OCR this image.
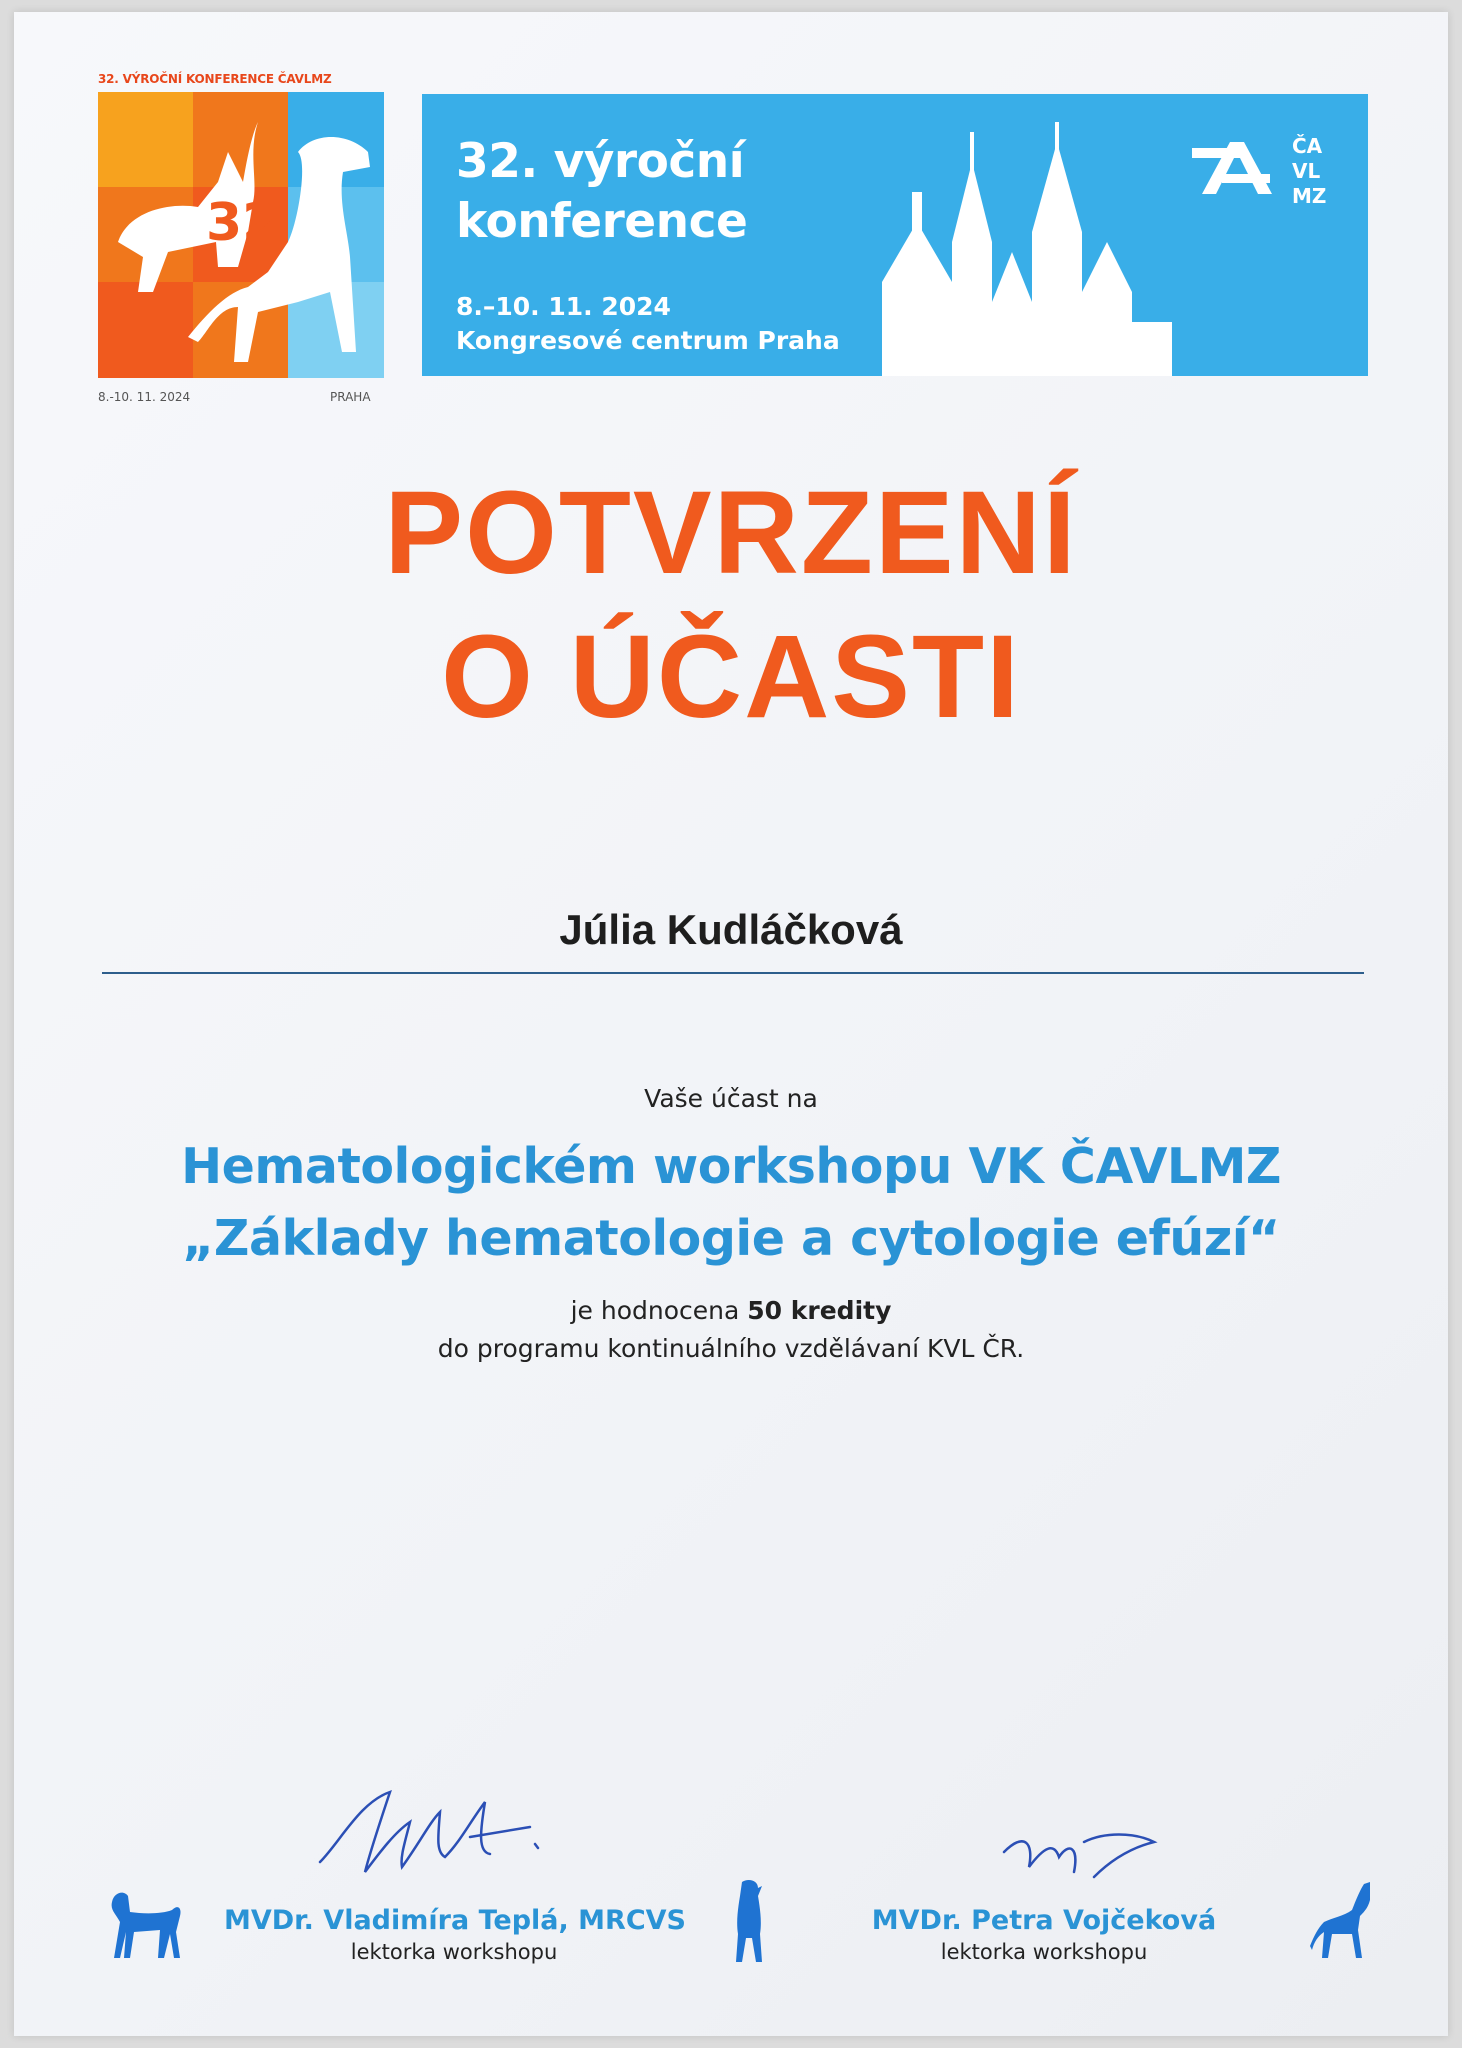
32. VÝROČNÍ KONFERENCE ČAVLMZ
32
8.-10. 11. 2024	PRAHA
32. výroční
konference
8.–10. 11. 2024
Kongresové centrum Praha
ČA
VL
MZ
POTVRZENÍ
O ÚČASTI
Júlia Kudláčková
Vaše účast na
Hematologickém workshopu VK ČAVLMZ
„Základy hematologie a cytologie efúzí“
je hodnocena 50 kredity
do programu kontinuálního vzdělávaní KVL ČR.
MVDr. Vladimíra Teplá, MRCVS
lektorka workshopu
MVDr. Petra Vojčeková
lektorka workshopu
